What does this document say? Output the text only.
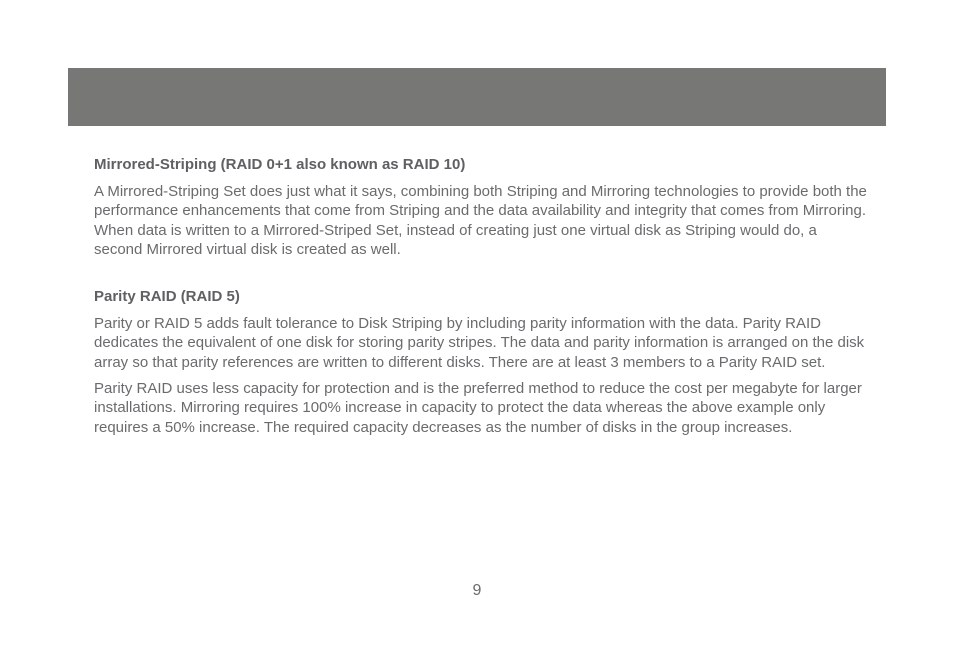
Mirrored-Striping (RAID 0+1 also known as RAID 10)

A Mirrored-Striping Set does just what it says, combining both Striping and Mirroring technologies to provide both the performance enhancements that come from Striping and the data availability and integrity that comes from Mirroring. When data is written to a Mirrored-Striped Set, instead of creating just one virtual disk as Striping would do, a second Mirrored virtual disk is created as well.

Parity RAID (RAID 5)

Parity or RAID 5 adds fault tolerance to Disk Striping by including parity information with the data. Parity RAID dedicates the equivalent of one disk for storing parity stripes. The data and parity information is arranged on the disk array so that parity references are written to different disks. There are at least 3 members to a Parity RAID set.

Parity RAID uses less capacity for protection and is the preferred method to reduce the cost per megabyte for larger installations. Mirroring requires 100% increase in capacity to protect the data whereas the above example only requires a 50% increase. The required capacity decreases as the number of disks in the group increases.

9
